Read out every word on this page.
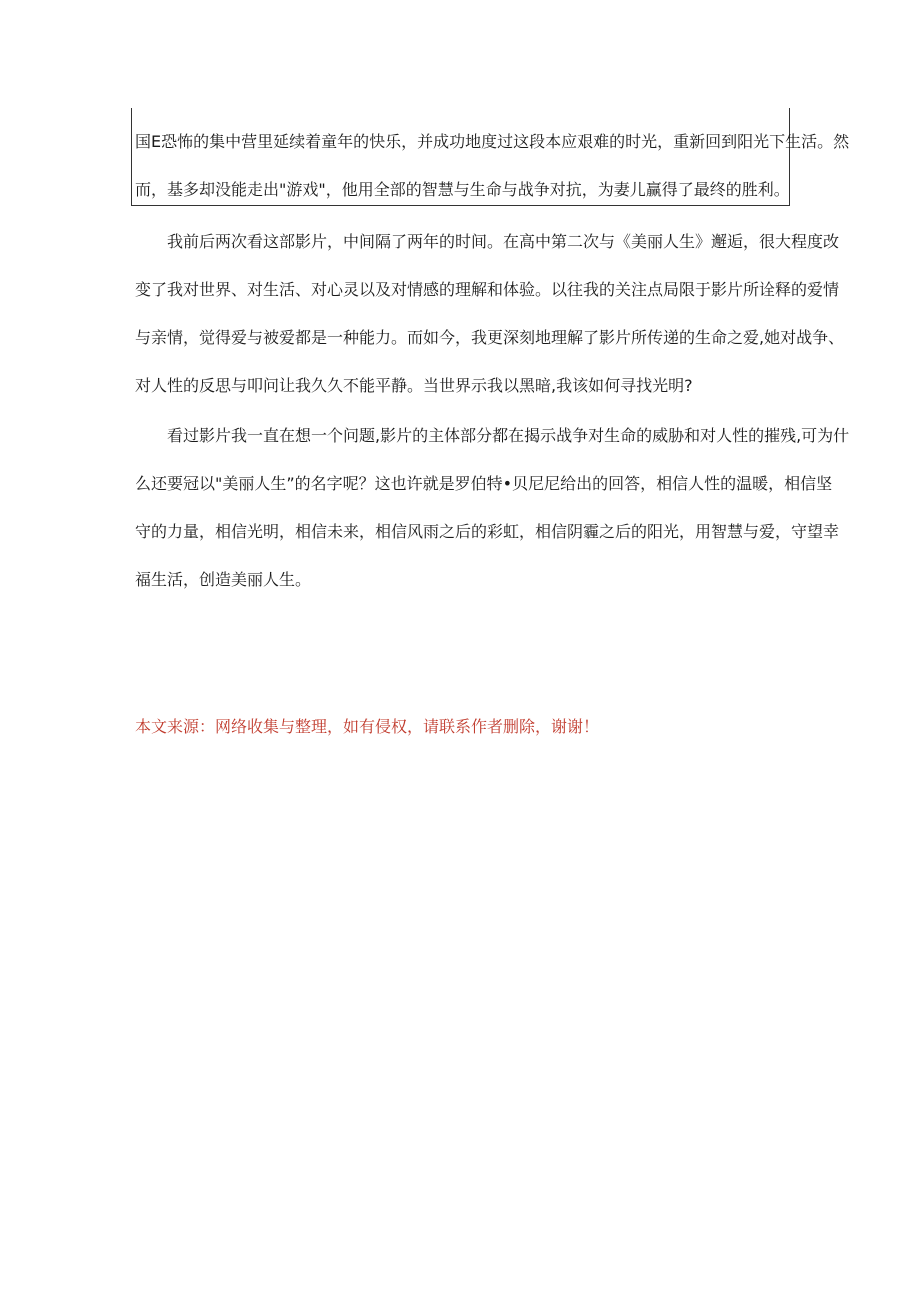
国E恐怖的集中营里延续着童年的快乐，并成功地度过这段本应艰难的时光，重新回到阳光下生活。然

而，基多却没能走出"游戏"，他用全部的智慧与生命与战争对抗，为妻儿赢得了最终的胜利。

我前后两次看这部影片，中间隔了两年的时间。在高中第二次与《美丽人生》邂逅，很大程度改
变了我对世界、对生活、对心灵以及对情感的理解和体验。以往我的关注点局限于影片所诠释的爱情
与亲情，觉得爱与被爱都是一种能力。而如今，我更深刻地理解了影片所传递的生命之爱,她对战争、
对人性的反思与叩问让我久久不能平静。当世界示我以黑暗,我该如何寻找光明?
看过影片我一直在想一个问题,影片的主体部分都在揭示战争对生命的威胁和对人性的摧残,可为什
么还要冠以"美丽人生”的名字呢？这也许就是罗伯特•贝尼尼给出的回答，相信人性的温暖，相信坚
守的力量，相信光明，相信未来，相信风雨之后的彩虹，相信阴霾之后的阳光，用智慧与爱，守望幸
福生活，创造美丽人生。

本文来源：网络收集与整理，如有侵权，请联系作者删除，谢谢！
